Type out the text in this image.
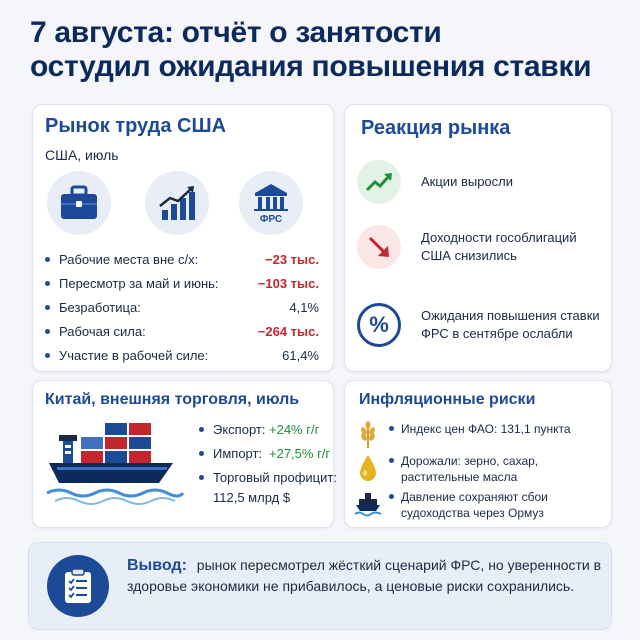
7 августа: отчёт о занятости
остудил ожидания повышения ставки
Рынок труда США
США, июль
ФРС
Рабочие места вне с/х:	−23 тыс.
Пересмотр за май и июнь:	−103 тыс.
Безработица:	4,1%
Рабочая сила:	−264 тыс.
Участие в рабочей силе:	61,4%
Реакция рынка
Акции выросли
Доходности гособлигаций США снизились
% Ожидания повышения ставки ФРС в сентябре ослабли
Китай, внешняя торговля, июль
Экспорт: +24% г/г
Импорт: +27,5% г/г
Торговый профицит:
112,5 млрд $
Инфляционные риски
Индекс цен ФАО: 131,1 пункта
Дорожали: зерно, сахар, растительные масла
Давление сохраняют сбои судоходства через Ормуз
Вывод: рынок пересмотрел жёсткий сценарий ФРС, но уверенности в здоровье экономики не прибавилось, а ценовые риски сохранились.
